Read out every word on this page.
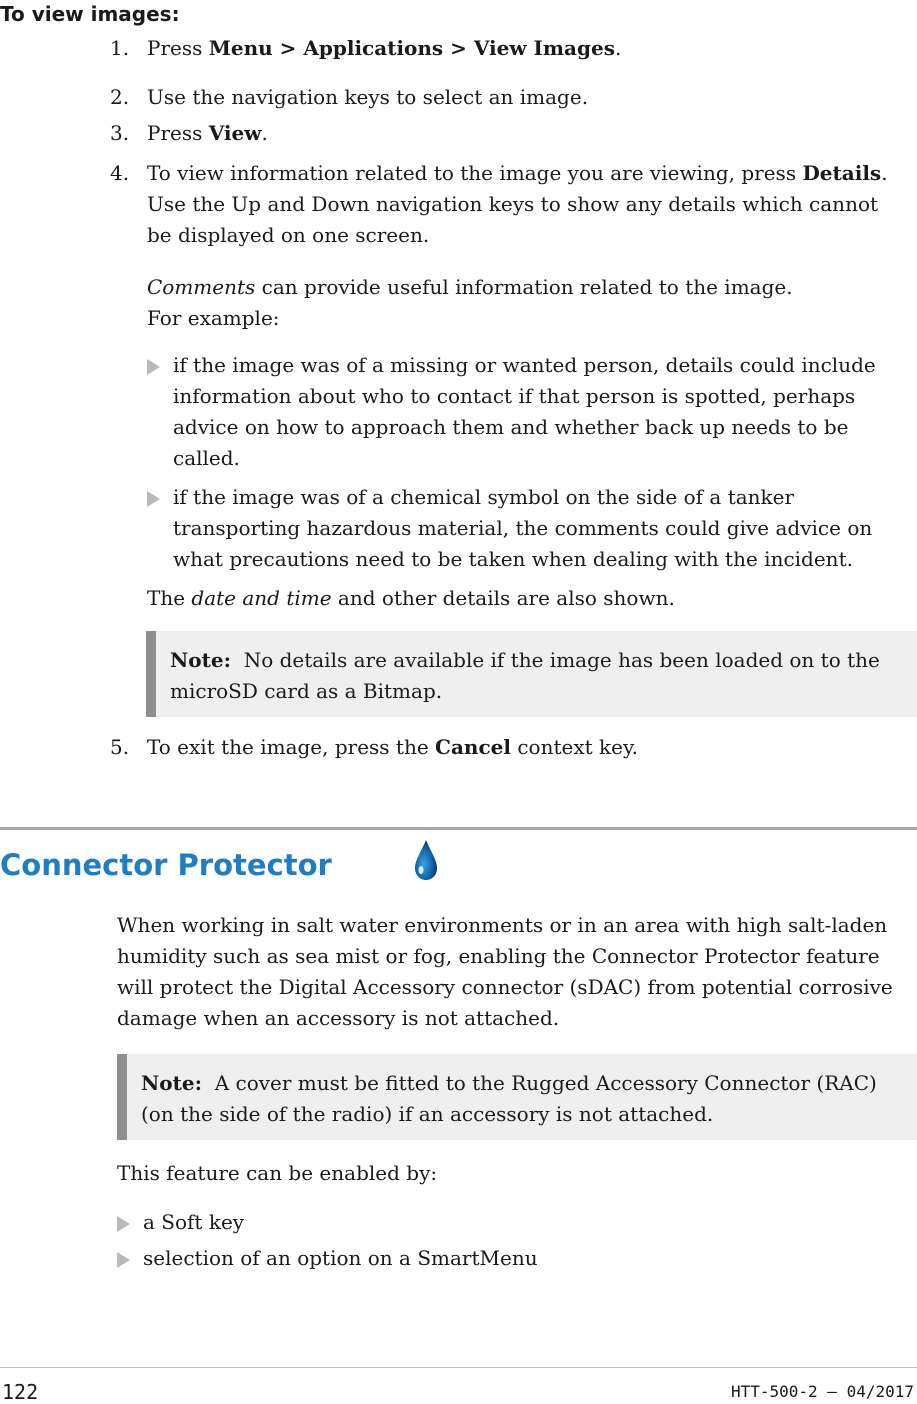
To view images:
1. Press Menu > Applications > View Images.
2. Use the navigation keys to select an image.
3. Press View.
4. To view information related to the image you are viewing, press Details.
Use the Up and Down navigation keys to show any details which cannot
be displayed on one screen.
Comments can provide useful information related to the image.
For example:
if the image was of a missing or wanted person, details could include
information about who to contact if that person is spotted, perhaps
advice on how to approach them and whether back up needs to be
called.
if the image was of a chemical symbol on the side of a tanker
transporting hazardous material, the comments could give advice on
what precautions need to be taken when dealing with the incident.
The date and time and other details are also shown.
Note: No details are available if the image has been loaded on to the
microSD card as a Bitmap.
5. To exit the image, press the Cancel context key.
Connector Protector
When working in salt water environments or in an area with high salt-laden
humidity such as sea mist or fog, enabling the Connector Protector feature
will protect the Digital Accessory connector (sDAC) from potential corrosive
damage when an accessory is not attached.
Note: A cover must be fitted to the Rugged Accessory Connector (RAC)
(on the side of the radio) if an accessory is not attached.
This feature can be enabled by:
a Soft key
selection of an option on a SmartMenu
122	HTT-500-2 – 04/2017
